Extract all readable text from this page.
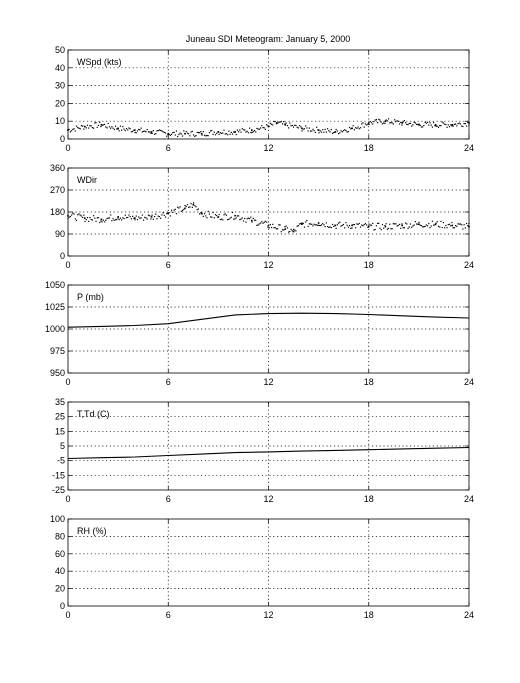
Juneau SDI Meteogram: January 5, 2000
0
10
20
30
40
50
0	6	12	18	24
WSpd (kts)
0
90
180
270
360
0	6	12	18	24
WDir
950
975
1000
1025
1050
0	6	12	18	24
P (mb)
-25
-15
-5
5
15
25
35
0	6	12	18	24
T,Td (C)
0
20
40
60
80
100
0	6	12	18	24
RH (%)
